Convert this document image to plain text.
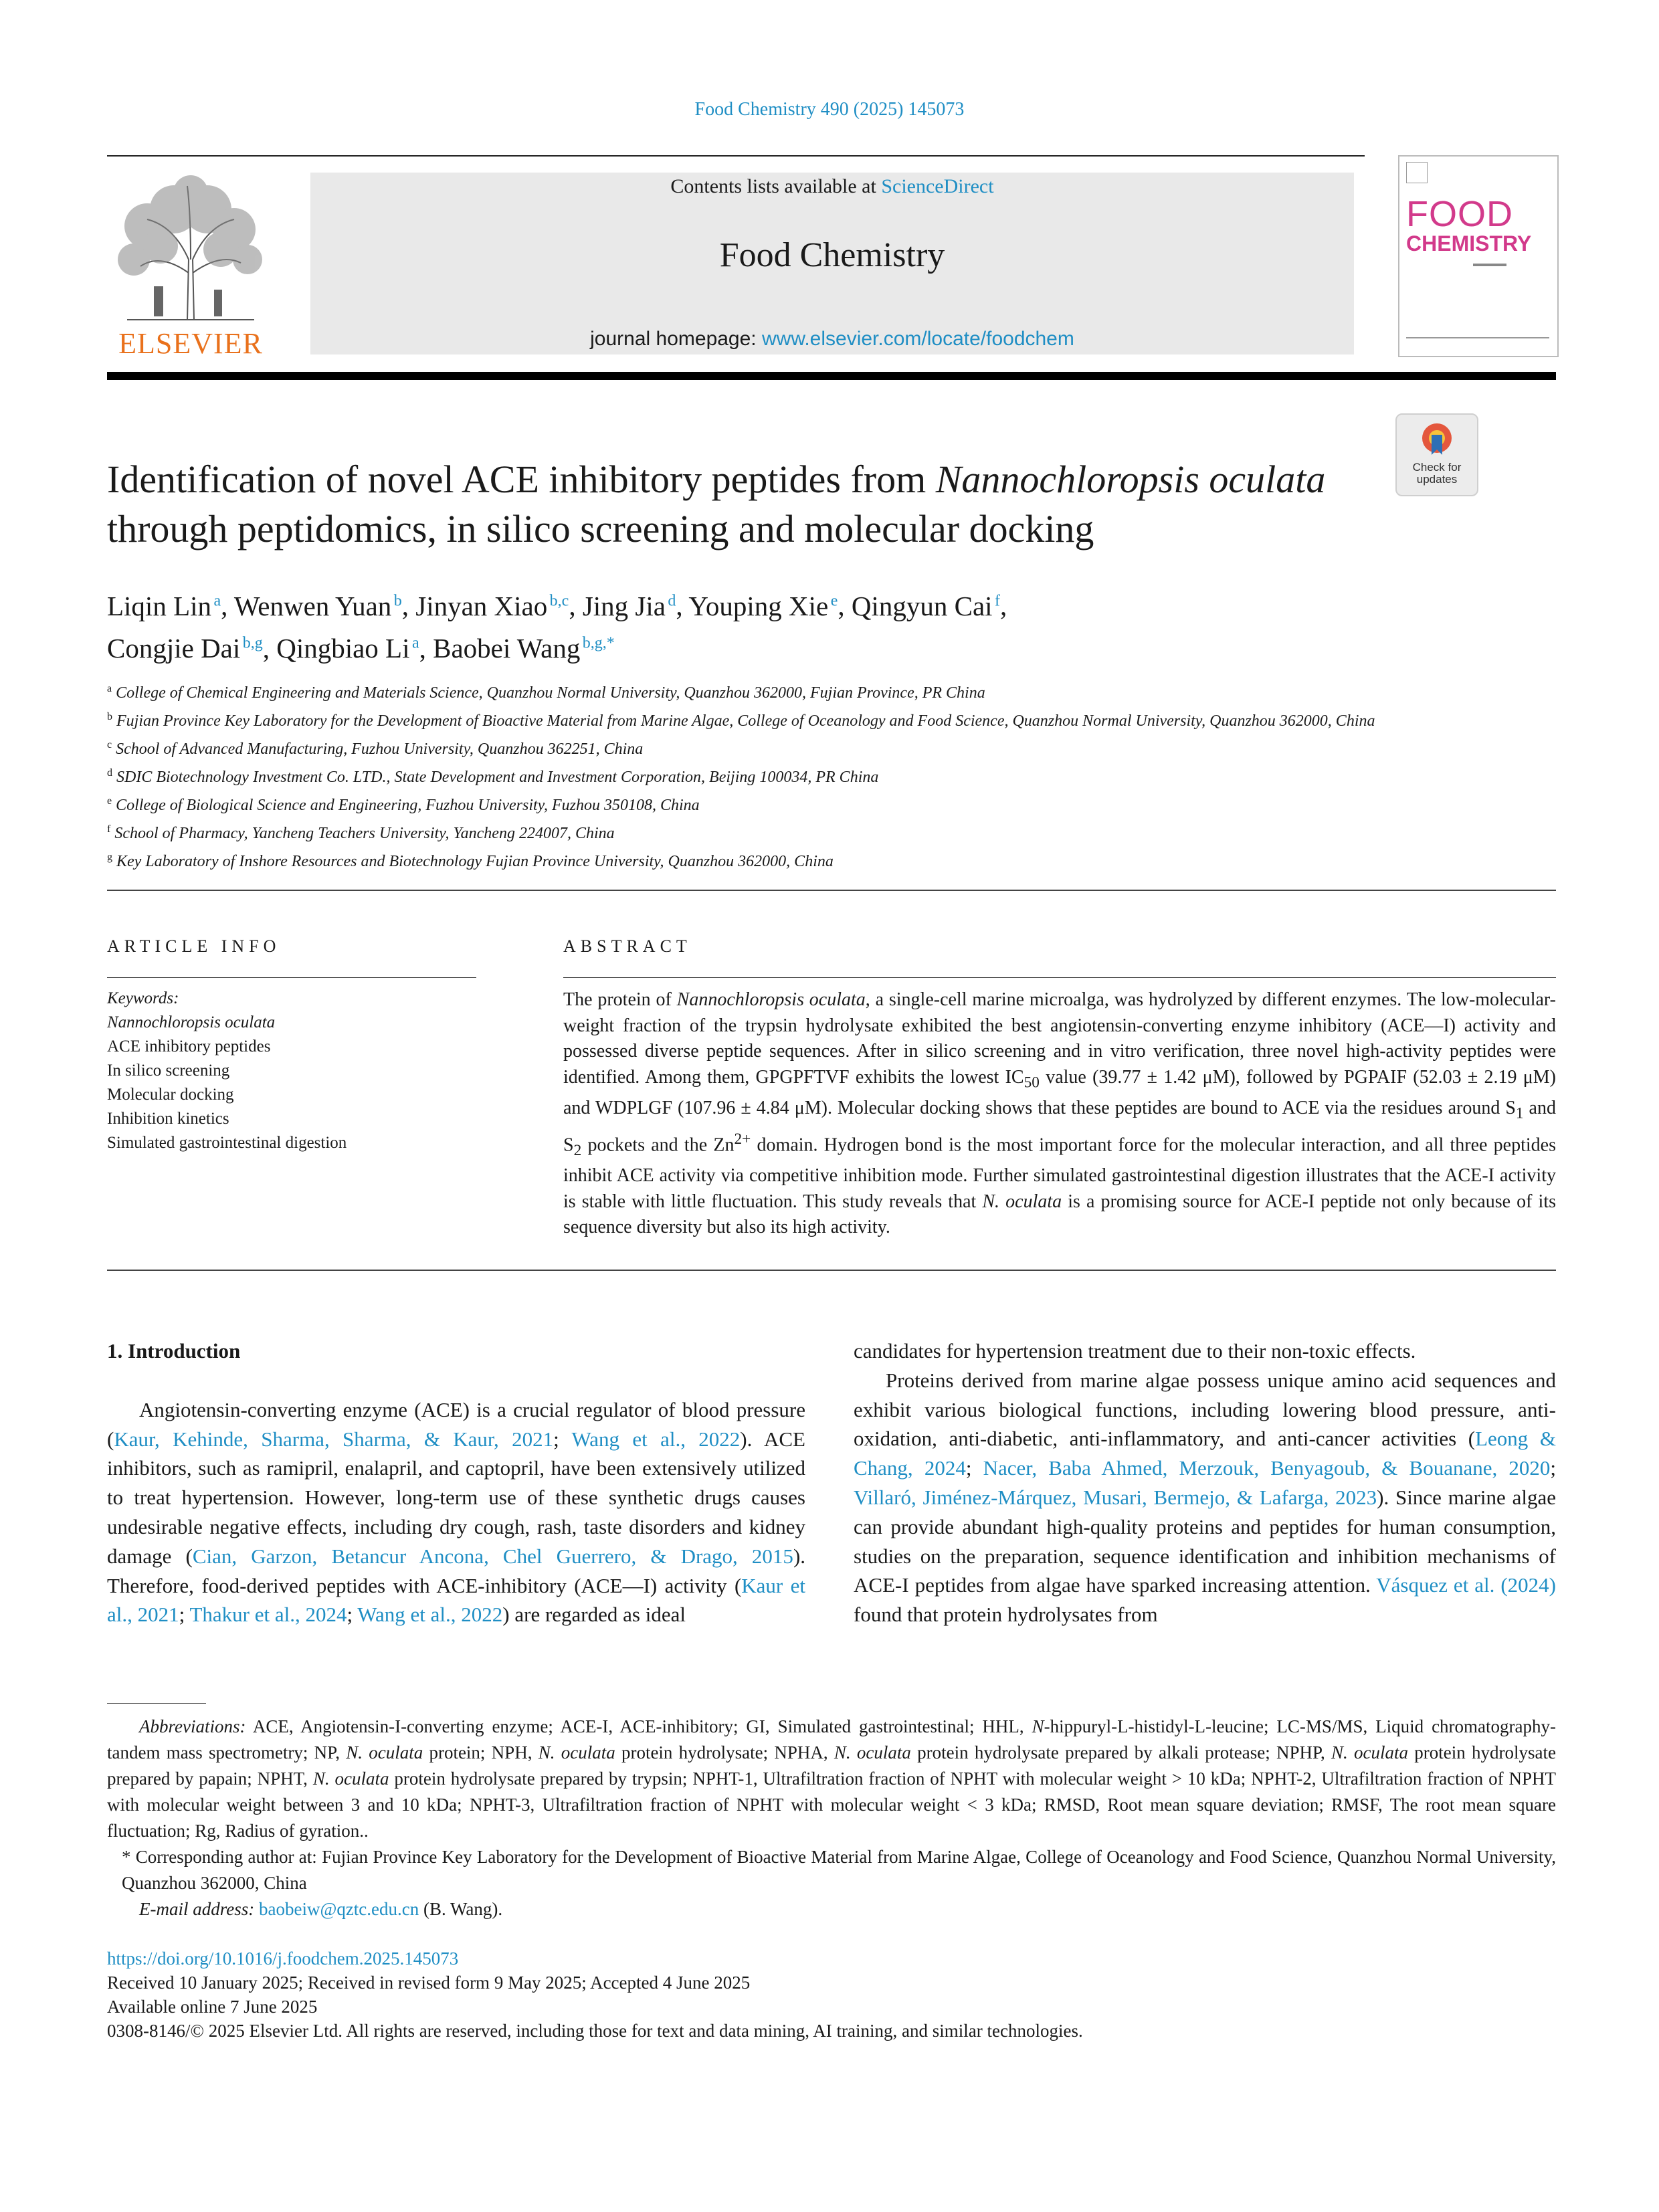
Food Chemistry 490 (2025) 145073
ELSEVIER
Contents lists available at ScienceDirect
Food Chemistry
journal homepage: www.elsevier.com/locate/foodchem
FOOD
CHEMISTRY
Check for updates
Identification of novel ACE inhibitory peptides from Nannochloropsis oculata through peptidomics, in silico screening and molecular docking
Liqin Lin  $^a$, Wenwen Yuan  $^b$, Jinyan Xiao  $^{b,c}$, Jing Jia  $^d$, Youping Xie  $^e$, Qingyun Cai  $^f$,
Congjie Dai  $^{b,g}$, Qingbiao Li  $^a$, Baobei Wang  $^{b,g,*}$
$^a$ College of Chemical Engineering and Materials Science, Quanzhou Normal University, Quanzhou 362000, Fujian Province, PR China
$^b$ Fujian Province Key Laboratory for the Development of Bioactive Material from Marine Algae, College of Oceanology and Food Science, Quanzhou Normal University, Quanzhou 362000, China
$^c$ School of Advanced Manufacturing, Fuzhou University, Quanzhou 362251, China
$^d$ SDIC Biotechnology Investment Co. LTD., State Development and Investment Corporation, Beijing 100034, PR China
$^e$ College of Biological Science and Engineering, Fuzhou University, Fuzhou 350108, China
$^f$ School of Pharmacy, Yancheng Teachers University, Yancheng 224007, China
$^g$ Key Laboratory of Inshore Resources and Biotechnology Fujian Province University, Quanzhou 362000, China
ARTICLE INFO
Keywords:
Nannochloropsis oculata
ACE inhibitory peptides
In silico screening
Molecular docking
Inhibition kinetics
Simulated gastrointestinal digestion
ABSTRACT
The protein of Nannochloropsis oculata, a single-cell marine microalga, was hydrolyzed by different enzymes. The low-molecular-weight fraction of the trypsin hydrolysate exhibited the best angiotensin-converting enzyme inhibitory (ACE—I) activity and possessed diverse peptide sequences. After in silico screening and in vitro verification, three novel high-activity peptides were identified. Among them, GPGPFTVF exhibits the lowest $IC_{50}$ value (39.77 ± 1.42 μM), followed by PGPAIF (52.03 ± 2.19 μM) and WDPLGF (107.96 ± 4.84 μM). Molecular docking shows that these peptides are bound to ACE via the residues around $S_1$ and $S_2$ pockets and the $Zn^{2+}$ domain. Hydrogen bond is the most important force for the molecular interaction, and all three peptides inhibit ACE activity via competitive inhibition mode. Further simulated gastrointestinal digestion illustrates that the ACE-I activity is stable with little fluctuation. This study reveals that N. oculata is a promising source for ACE-I peptide not only because of its sequence diversity but also its high activity.
1. Introduction
Angiotensin-converting enzyme (ACE) is a crucial regulator of blood pressure (Kaur, Kehinde, Sharma, Sharma, & Kaur, 2021; Wang et al., 2022). ACE inhibitors, such as ramipril, enalapril, and captopril, have been extensively utilized to treat hypertension. However, long-term use of these synthetic drugs causes undesirable negative effects, including dry cough, rash, taste disorders and kidney damage (Cian, Garzon, Betancur Ancona, Chel Guerrero, & Drago, 2015). Therefore, food-derived peptides with ACE-inhibitory (ACE—I) activity (Kaur et al., 2021; Thakur et al., 2024; Wang et al., 2022) are regarded as ideal
candidates for hypertension treatment due to their non-toxic effects.
Proteins derived from marine algae possess unique amino acid sequences and exhibit various biological functions, including lowering blood pressure, anti-oxidation, anti-diabetic, anti-inflammatory, and anti-cancer activities (Leong & Chang, 2024; Nacer, Baba Ahmed, Merzouk, Benyagoub, & Bouanane, 2020; Villaró, Jiménez-Márquez, Musari, Bermejo, & Lafarga, 2023). Since marine algae can provide abundant high-quality proteins and peptides for human consumption, studies on the preparation, sequence identification and inhibition mechanisms of ACE-I peptides from algae have sparked increasing attention. Vásquez et al. (2024) found that protein hydrolysates from
Abbreviations: ACE, Angiotensin-I-converting enzyme; ACE-I, ACE-inhibitory; GI, Simulated gastrointestinal; HHL, N-hippuryl-L-histidyl-L-leucine; LC-MS/MS, Liquid chromatography-tandem mass spectrometry; NP, N. oculata protein; NPH, N. oculata protein hydrolysate; NPHA, N. oculata protein hydrolysate prepared by alkali protease; NPHP, N. oculata protein hydrolysate prepared by papain; NPHT, N. oculata protein hydrolysate prepared by trypsin; NPHT-1, Ultrafiltration fraction of NPHT with molecular weight > 10 kDa; NPHT-2, Ultrafiltration fraction of NPHT with molecular weight between 3 and 10 kDa; NPHT-3, Ultrafiltration fraction of NPHT with molecular weight < 3 kDa; RMSD, Root mean square deviation; RMSF, The root mean square fluctuation; Rg, Radius of gyration..
* Corresponding author at: Fujian Province Key Laboratory for the Development of Bioactive Material from Marine Algae, College of Oceanology and Food Science, Quanzhou Normal University, Quanzhou 362000, China
E-mail address: baobeiw@qztc.edu.cn (B. Wang).
https://doi.org/10.1016/j.foodchem.2025.145073
Received 10 January 2025; Received in revised form 9 May 2025; Accepted 4 June 2025
Available online 7 June 2025
0308-8146/© 2025 Elsevier Ltd. All rights are reserved, including those for text and data mining, AI training, and similar technologies.
